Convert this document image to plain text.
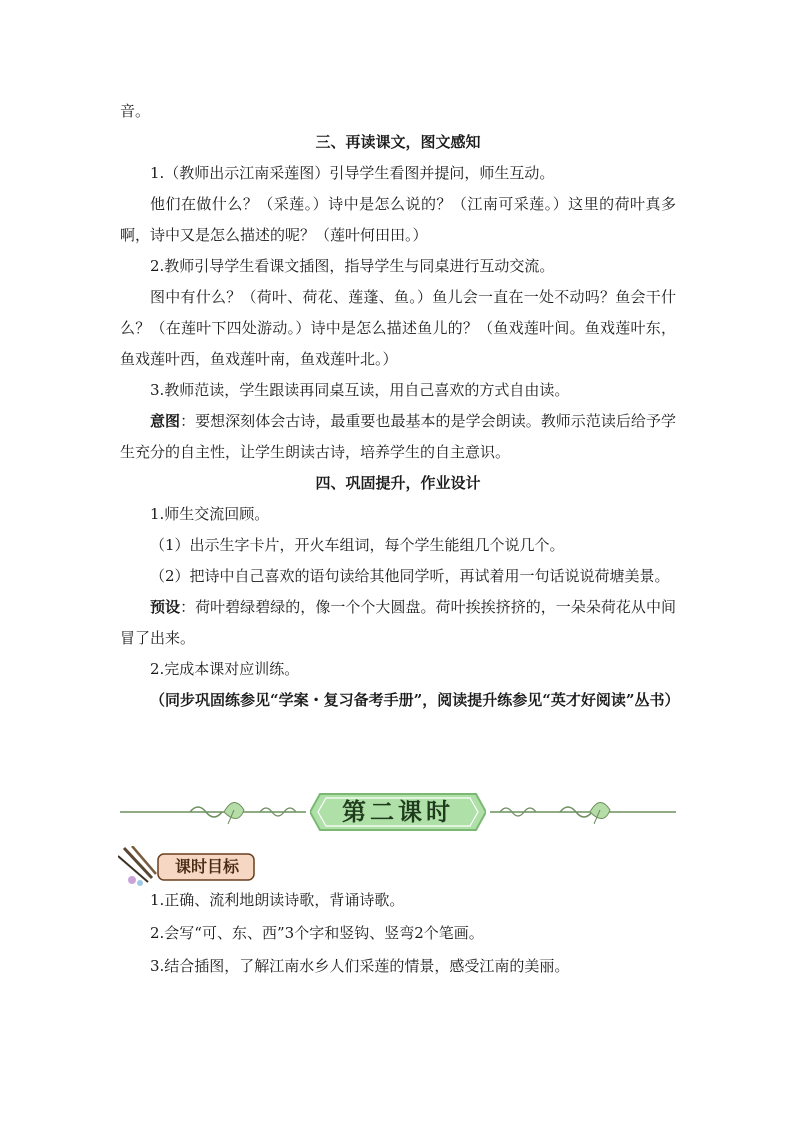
音。

三、再读课文，图文感知

1.（教师出示江南采莲图）引导学生看图并提问，师生互动。

他们在做什么？（采莲。）诗中是怎么说的？（江南可采莲。）这里的荷叶真多啊，诗中又是怎么描述的呢？（莲叶何田田。）

2.教师引导学生看课文插图，指导学生与同桌进行互动交流。

图中有什么？（荷叶、荷花、莲蓬、鱼。）鱼儿会一直在一处不动吗？鱼会干什么？（在莲叶下四处游动。）诗中是怎么描述鱼儿的？（鱼戏莲叶间。鱼戏莲叶东，鱼戏莲叶西，鱼戏莲叶南，鱼戏莲叶北。）

3.教师范读，学生跟读再同桌互读，用自己喜欢的方式自由读。

意图：要想深刻体会古诗，最重要也最基本的是学会朗读。教师示范读后给予学生充分的自主性，让学生朗读古诗，培养学生的自主意识。

四、巩固提升，作业设计

1.师生交流回顾。

（1）出示生字卡片，开火车组词，每个学生能组几个说几个。

（2）把诗中自己喜欢的语句读给其他同学听，再试着用一句话说说荷塘美景。

预设：荷叶碧绿碧绿的，像一个个大圆盘。荷叶挨挨挤挤的，一朵朵荷花从中间冒了出来。

2.完成本课对应训练。

（同步巩固练参见“学案・复习备考手册”，阅读提升练参见“英才好阅读”丛书）

第二课时
课时目标

1.正确、流利地朗读诗歌，背诵诗歌。

2.会写“可、东、西”3个字和竖钩、竖弯2个笔画。

3.结合插图，了解江南水乡人们采莲的情景，感受江南的美丽。
